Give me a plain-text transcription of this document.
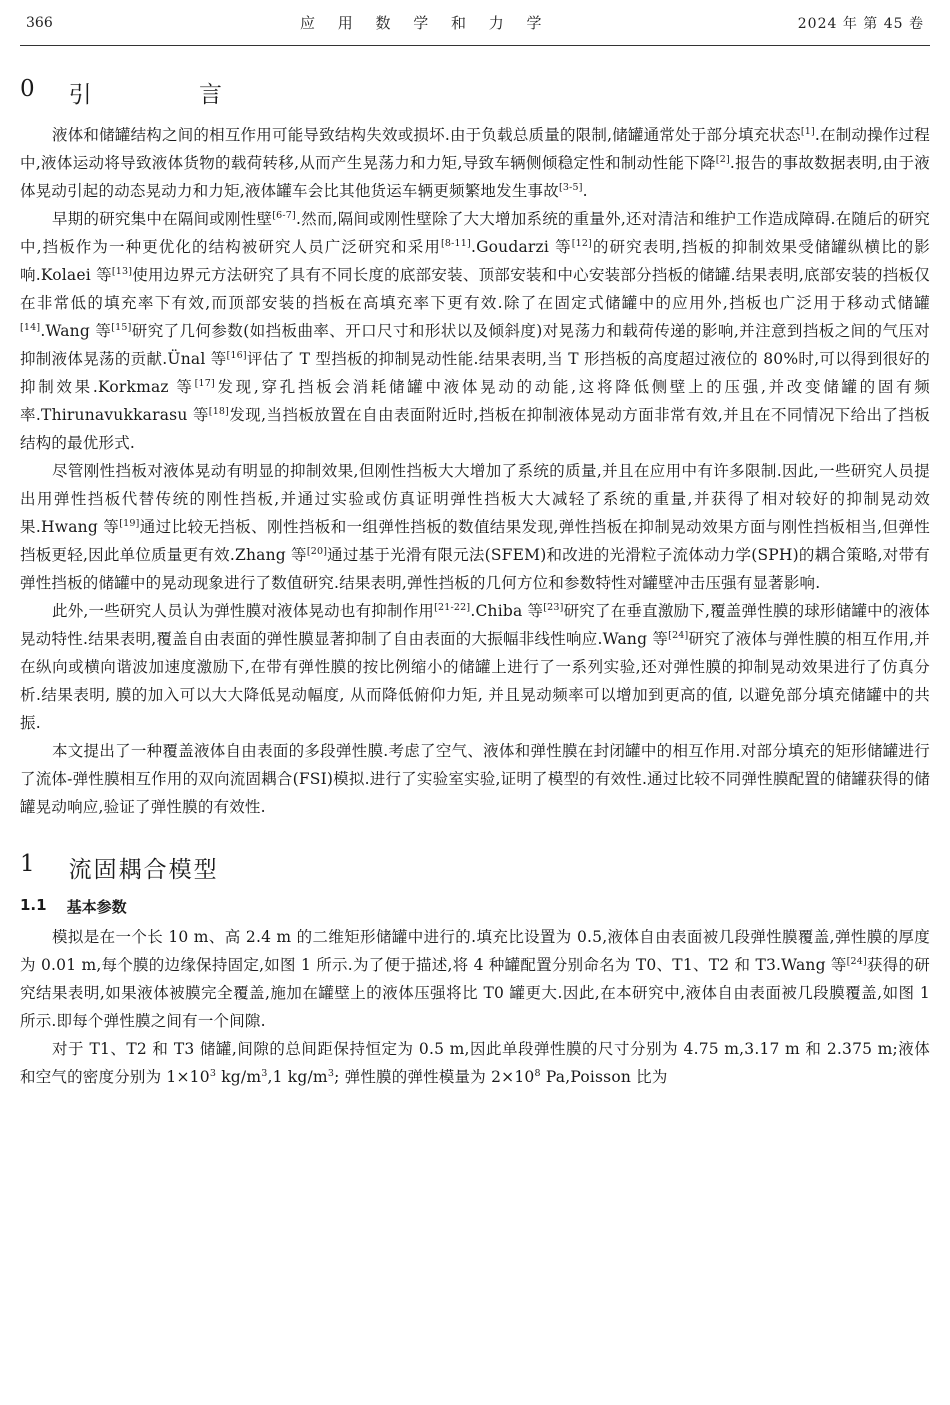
366	应 用 数 学 和 力 学	2024 年 第 45 卷
0 引 言

液体和储罐结构之间的相互作用可能导致结构失效或损坏.由于负载总质量的限制,储罐通常处于部分填充状态[1].在制动操作过程中,液体运动将导致液体货物的载荷转移,从而产生晃荡力和力矩,导致车辆侧倾稳定性和制动性能下降[2].报告的事故数据表明,由于液体晃动引起的动态晃动力和力矩,液体罐车会比其他货运车辆更频繁地发生事故[3-5].

早期的研究集中在隔间或刚性壁[6-7].然而,隔间或刚性壁除了大大增加系统的重量外,还对清洁和维护工作造成障碍.在随后的研究中,挡板作为一种更优化的结构被研究人员广泛研究和采用[8-11].Goudarzi 等[12]的研究表明,挡板的抑制效果受储罐纵横比的影响.Kolaei 等[13]使用边界元方法研究了具有不同长度的底部安装、顶部安装和中心安装部分挡板的储罐.结果表明,底部安装的挡板仅在非常低的填充率下有效,而顶部安装的挡板在高填充率下更有效.除了在固定式储罐中的应用外,挡板也广泛用于移动式储罐[14].Wang 等[15]研究了几何参数(如挡板曲率、开口尺寸和形状以及倾斜度)对晃荡力和载荷传递的影响,并注意到挡板之间的气压对抑制液体晃荡的贡献.Ünal 等[16]评估了 T 型挡板的抑制晃动性能.结果表明,当 T 形挡板的高度超过液位的 80%时,可以得到很好的抑制效果.Korkmaz 等[17]发现,穿孔挡板会消耗储罐中液体晃动的动能,这将降低侧壁上的压强,并改变储罐的固有频率.Thirunavukkarasu 等[18]发现,当挡板放置在自由表面附近时,挡板在抑制液体晃动方面非常有效,并且在不同情况下给出了挡板结构的最优形式.

尽管刚性挡板对液体晃动有明显的抑制效果,但刚性挡板大大增加了系统的质量,并且在应用中有许多限制.因此,一些研究人员提出用弹性挡板代替传统的刚性挡板,并通过实验或仿真证明弹性挡板大大减轻了系统的重量,并获得了相对较好的抑制晃动效果.Hwang 等[19]通过比较无挡板、刚性挡板和一组弹性挡板的数值结果发现,弹性挡板在抑制晃动效果方面与刚性挡板相当,但弹性挡板更轻,因此单位质量更有效.Zhang 等[20]通过基于光滑有限元法(SFEM)和改进的光滑粒子流体动力学(SPH)的耦合策略,对带有弹性挡板的储罐中的晃动现象进行了数值研究.结果表明,弹性挡板的几何方位和参数特性对罐壁冲击压强有显著影响.

此外,一些研究人员认为弹性膜对液体晃动也有抑制作用[21-22].Chiba 等[23]研究了在垂直激励下,覆盖弹性膜的球形储罐中的液体晃动特性.结果表明,覆盖自由表面的弹性膜显著抑制了自由表面的大振幅非线性响应.Wang 等[24]研究了液体与弹性膜的相互作用,并在纵向或横向谐波加速度激励下,在带有弹性膜的按比例缩小的储罐上进行了一系列实验,还对弹性膜的抑制晃动效果进行了仿真分析.结果表明, 膜的加入可以大大降低晃动幅度, 从而降低俯仰力矩, 并且晃动频率可以增加到更高的值, 以避免部分填充储罐中的共振.

本文提出了一种覆盖液体自由表面的多段弹性膜.考虑了空气、液体和弹性膜在封闭罐中的相互作用.对部分填充的矩形储罐进行了流体-弹性膜相互作用的双向流固耦合(FSI)模拟.进行了实验室实验,证明了模型的有效性.通过比较不同弹性膜配置的储罐获得的储罐晃动响应,验证了弹性膜的有效性.

1 流固耦合模型
1.1 基本参数

模拟是在一个长 10 m、高 2.4 m 的二维矩形储罐中进行的.填充比设置为 0.5,液体自由表面被几段弹性膜覆盖,弹性膜的厚度为 0.01 m,每个膜的边缘保持固定,如图 1 所示.为了便于描述,将 4 种罐配置分别命名为 T0、T1、T2 和 T3.Wang 等[24]获得的研究结果表明,如果液体被膜完全覆盖,施加在罐壁上的液体压强将比 T0 罐更大.因此,在本研究中,液体自由表面被几段膜覆盖,如图 1 所示.即每个弹性膜之间有一个间隙.

对于 T1、T2 和 T3 储罐,间隙的总间距保持恒定为 0.5 m,因此单段弹性膜的尺寸分别为 4.75 m,3.17 m 和 2.375 m;液体和空气的密度分别为 1×10$^3$ kg/m$^3$,1 kg/m$^3$; 弹性膜的弹性模量为 2×10$^8$ Pa,Poisson 比为
